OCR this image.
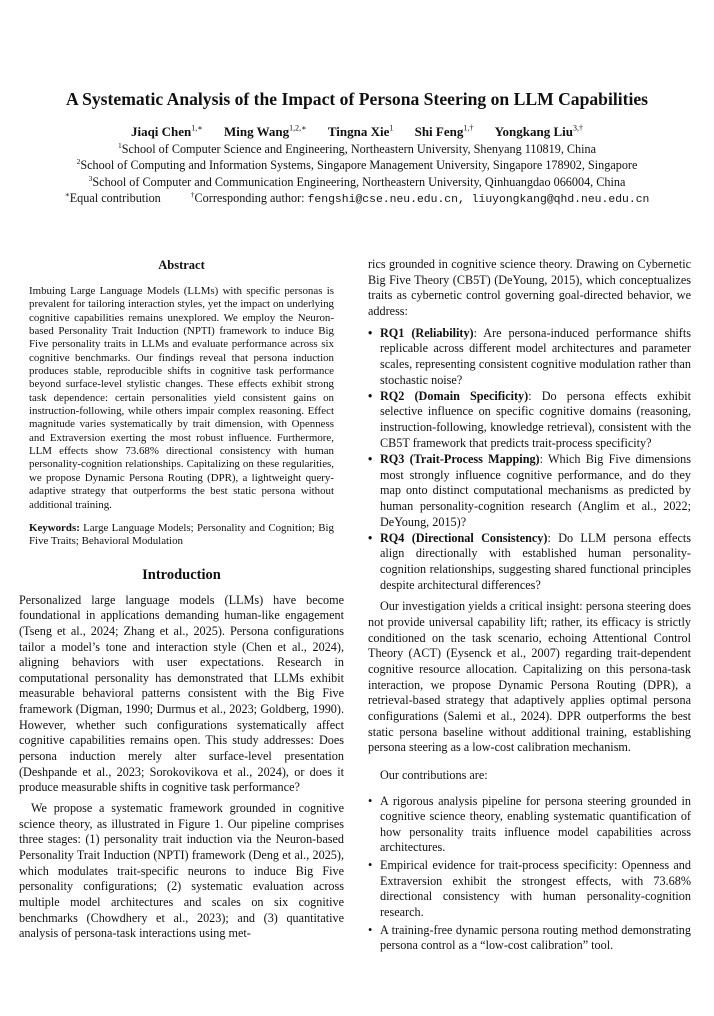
A Systematic Analysis of the Impact of Persona Steering on LLM Capabilities
Jiaqi Chen$^{1,∗}$ Ming Wang$^{1,2,∗}$ Tingna Xie$^1$ Shi Feng$^{1,\dagger}$ Yongkang Liu$^{3,\dagger}$
$^1$School of Computer Science and Engineering, Northeastern University, Shenyang 110819, China
$^2$School of Computing and Information Systems, Singapore Management University, Singapore 178902, Singapore
$^3$School of Computer and Communication Engineering, Northeastern University, Qinhuangdao 066004, China
∗Equal contribution	†Corresponding author: fengshi@cse.neu.edu.cn, liuyongkang@qhd.neu.edu.cn
Abstract

Imbuing Large Language Models (LLMs) with specific personas is prevalent for tailoring interaction styles, yet the impact on underlying cognitive capabilities remains unexplored. We employ the Neuron-based Personality Trait Induction (NPTI) framework to induce Big Five personality traits in LLMs and evaluate performance across six cognitive benchmarks. Our findings reveal that persona induction produces stable, reproducible shifts in cognitive task performance beyond surface-level stylistic changes. These effects exhibit strong task dependence: certain personalities yield consistent gains on instruction-following, while others impair complex reasoning. Effect magnitude varies systematically by trait dimension, with Openness and Extraversion exerting the most robust influence. Furthermore, LLM effects show 73.68% directional consistency with human personality-cognition relationships. Capitalizing on these regularities, we propose Dynamic Persona Routing (DPR), a lightweight query-adaptive strategy that outperforms the best static persona without additional training.

Keywords: Large Language Models; Personality and Cognition; Big Five Traits; Behavioral Modulation

Introduction

Personalized large language models (LLMs) have become foundational in applications demanding human-like engagement (Tseng et al., 2024; Zhang et al., 2025). Persona configurations tailor a model’s tone and interaction style (Chen et al., 2024), aligning behaviors with user expectations. Research in computational personality has demonstrated that LLMs exhibit measurable behavioral patterns consistent with the Big Five framework (Digman, 1990; Durmus et al., 2023; Goldberg, 1990). However, whether such configurations systematically affect cognitive capabilities remains open. This study addresses: Does persona induction merely alter surface-level presentation (Deshpande et al., 2023; Sorokovikova et al., 2024), or does it produce measurable shifts in cognitive task performance?

We propose a systematic framework grounded in cognitive science theory, as illustrated in Figure 1. Our pipeline comprises three stages: (1) personality trait induction via the Neuron-based Personality Trait Induction (NPTI) framework (Deng et al., 2025), which modulates trait-specific neurons to induce Big Five personality configurations; (2) systematic evaluation across multiple model architectures and scales on six cognitive benchmarks (Chowdhery et al., 2023); and (3) quantitative analysis of persona-task interactions using met-

rics grounded in cognitive science theory. Drawing on Cybernetic Big Five Theory (CB5T) (DeYoung, 2015), which conceptualizes traits as cybernetic control governing goal-directed behavior, we address:

• RQ1 (Reliability): Are persona-induced performance shifts replicable across different model architectures and parameter scales, representing consistent cognitive modulation rather than stochastic noise?
• RQ2 (Domain Specificity): Do persona effects exhibit selective influence on specific cognitive domains (reasoning, instruction-following, knowledge retrieval), consistent with the CB5T framework that predicts trait-process specificity?
• RQ3 (Trait-Process Mapping): Which Big Five dimensions most strongly influence cognitive performance, and do they map onto distinct computational mechanisms as predicted by human personality-cognition research (Anglim et al., 2022; DeYoung, 2015)?
• RQ4 (Directional Consistency): Do LLM persona effects align directionally with established human personality-cognition relationships, suggesting shared functional principles despite architectural differences?

Our investigation yields a critical insight: persona steering does not provide universal capability lift; rather, its efficacy is strictly conditioned on the task scenario, echoing Attentional Control Theory (ACT) (Eysenck et al., 2007) regarding trait-dependent cognitive resource allocation. Capitalizing on this persona-task interaction, we propose Dynamic Persona Routing (DPR), a retrieval-based strategy that adaptively applies optimal persona configurations (Salemi et al., 2024). DPR outperforms the best static persona baseline without additional training, establishing persona steering as a low-cost calibration mechanism.

Our contributions are:

• A rigorous analysis pipeline for persona steering grounded in cognitive science theory, enabling systematic quantification of how personality traits influence model capabilities across architectures.
• Empirical evidence for trait-process specificity: Openness and Extraversion exhibit the strongest effects, with 73.68% directional consistency with human personality-cognition research.
• A training-free dynamic persona routing method demonstrating persona control as a “low-cost calibration” tool.
